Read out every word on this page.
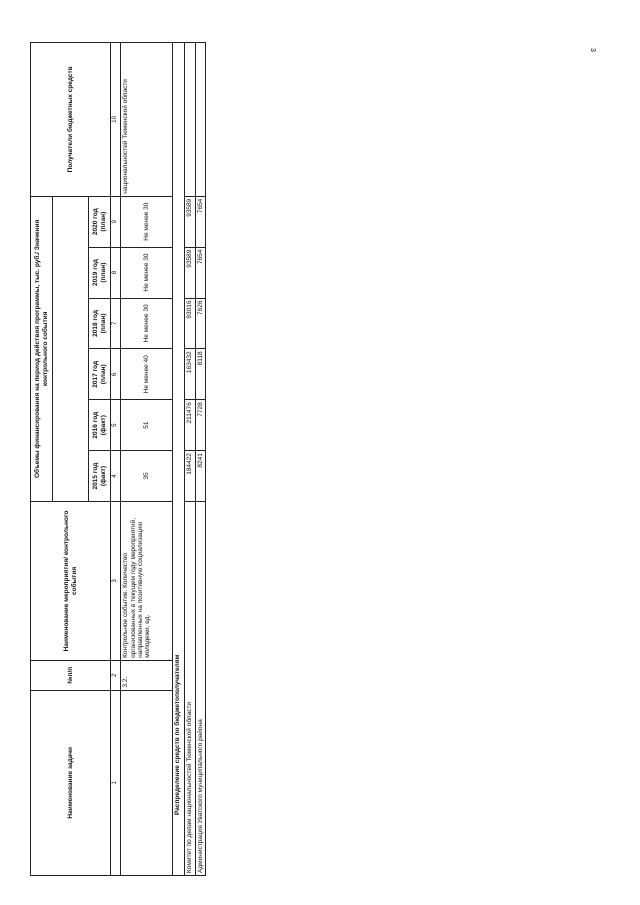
3
Наименование задачи	№п/п	Наименование мероприятия/ контрольного события	Объемы финансирования на период действия программы, тыс. руб./ Значения контрольного события						Получатели бюджетных средств

			2015 год (факт)	2016 год (факт)	2017 год (план)	2018 год (план)	2019 год (план)	2020 год (план)	
1	2	3	4	5	6	7	8	9	10
	3.2.	Контрольное событие. Количество организованных в текущем году мероприятий, направленных на позитивную социализацию молодежи, ед.	35	51	Не менее 40	Не менее 30	Не менее 30	Не менее 30	национальностей Тюменской области
Распределение средств по бюджетополучателям									
Комитет по делам национальностей Тюменской области			184422	211476	163432	93016	93589	93589	
Администрация Уватского муниципального района			8241	7728	8118	7626	7654	7654	
